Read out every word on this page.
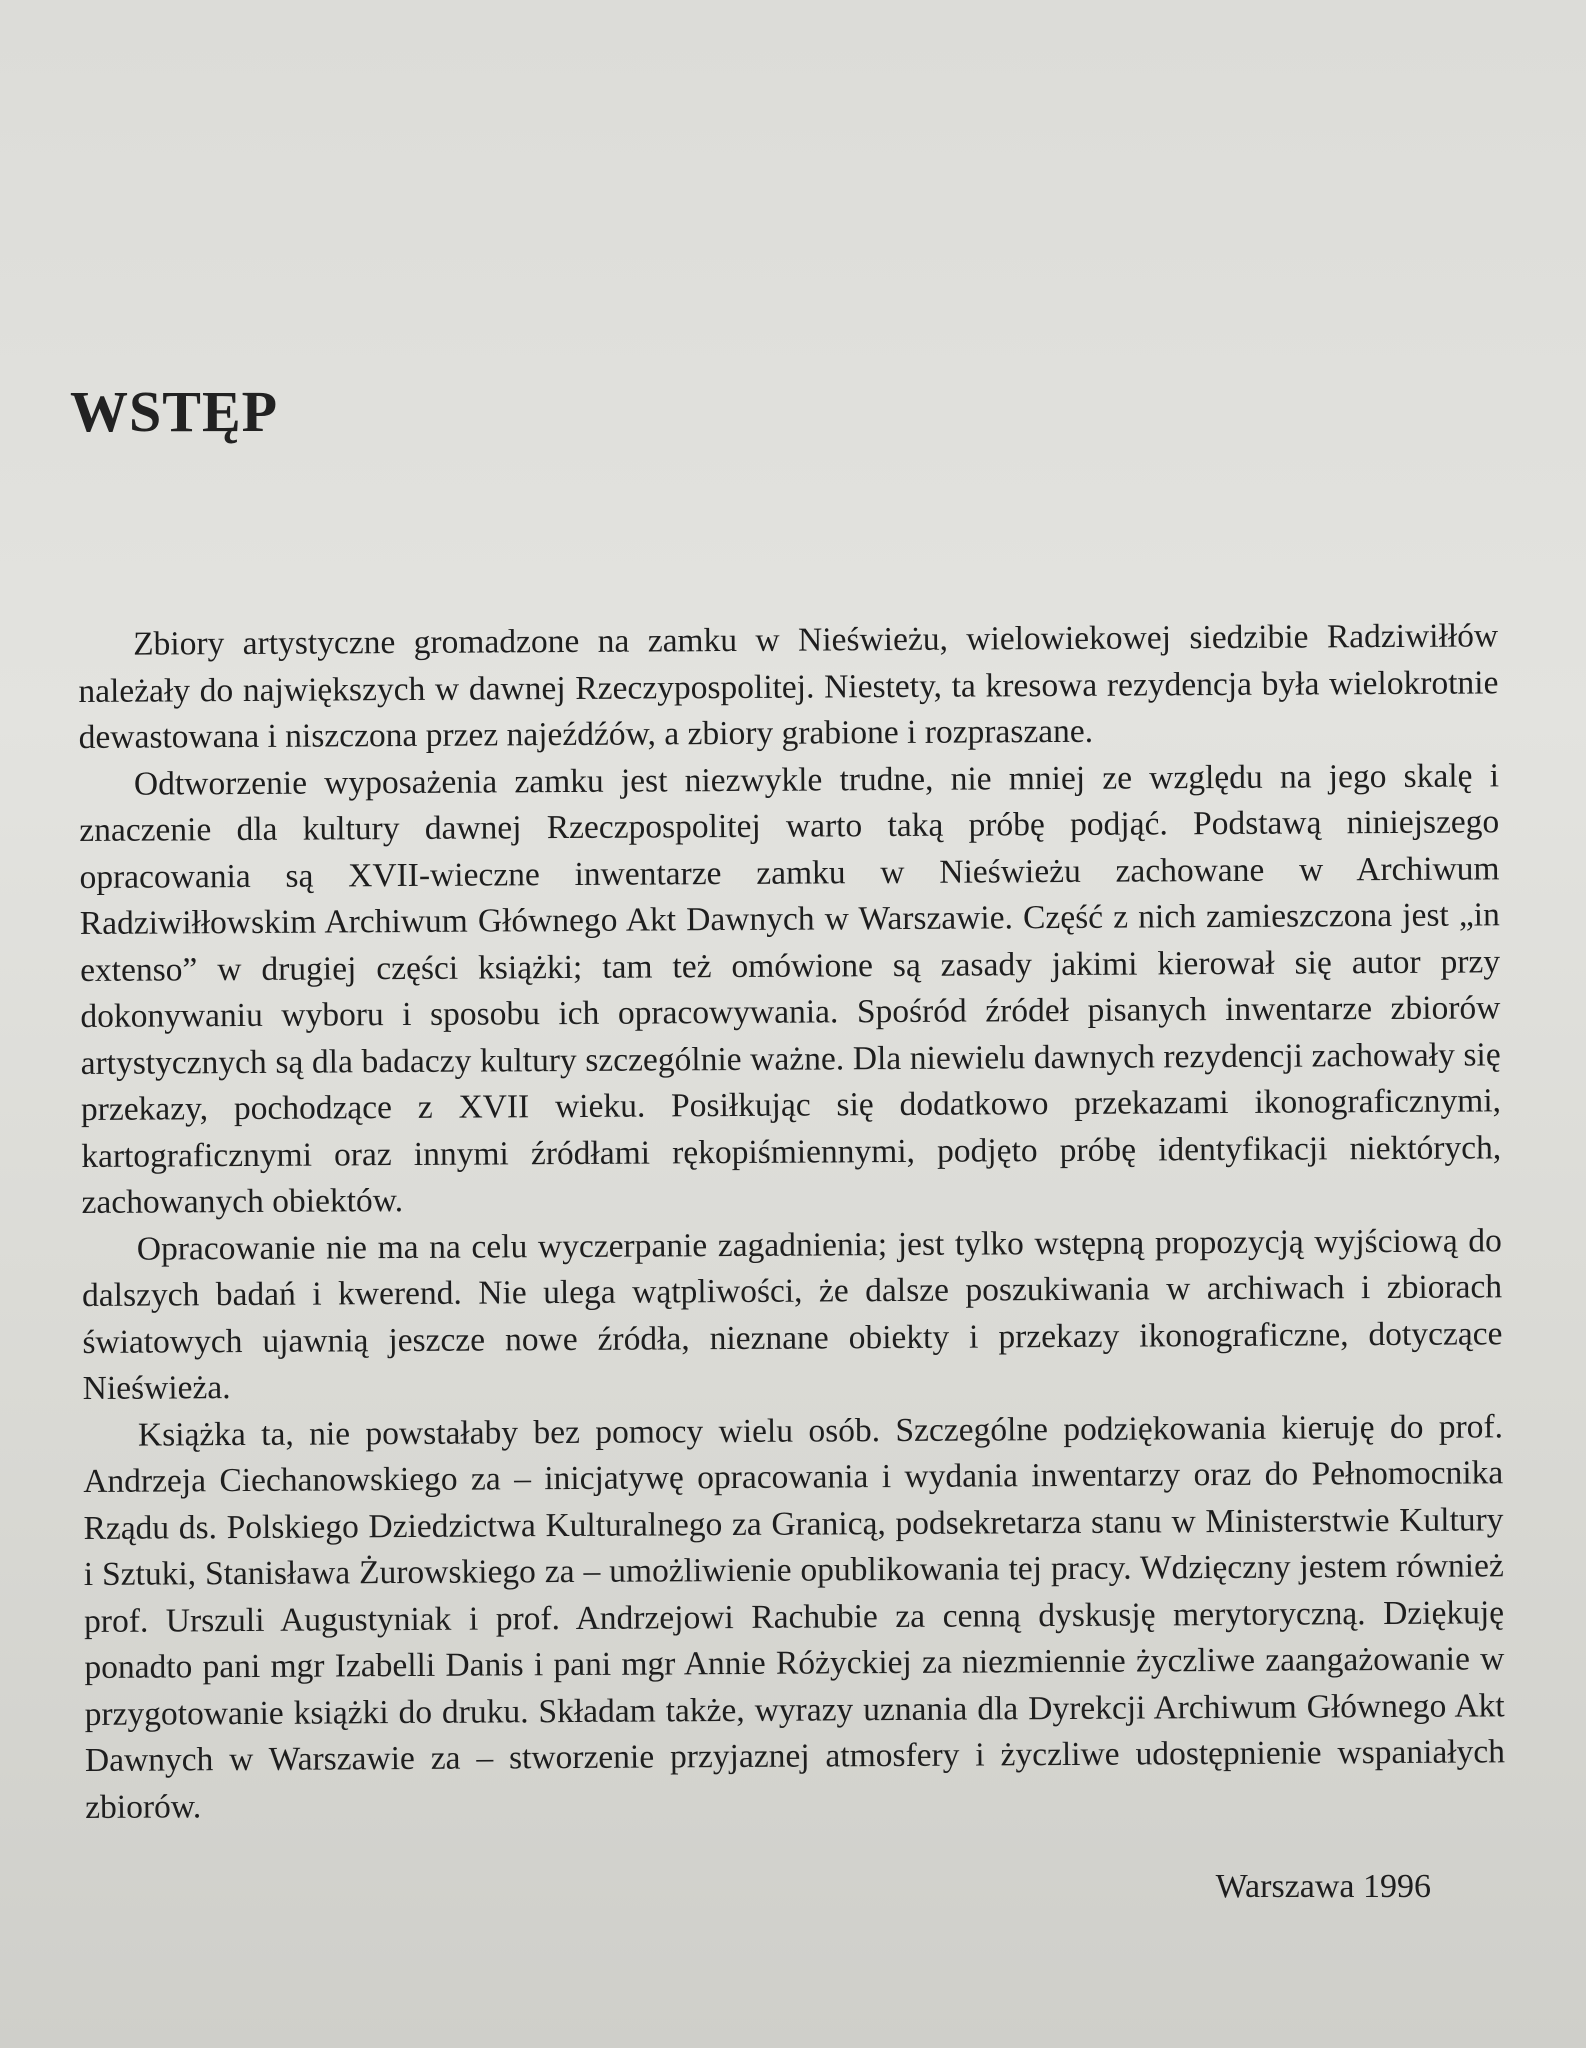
WSTĘP

Zbiory artystyczne gromadzone na zamku w Nieświeżu, wielowiekowej siedzibie Radziwiłłów należały do największych w dawnej Rzeczypospolitej. Niestety, ta kresowa rezydencja była wielokrotnie dewastowana i niszczona przez najeźdźów, a zbiory grabione i rozpraszane.

Odtworzenie wyposażenia zamku jest niezwykle trudne, nie mniej ze względu na jego skalę i znaczenie dla kultury dawnej Rzeczpospolitej warto taką próbę podjąć. Podstawą niniejszego opracowania są XVII-wieczne inwentarze zamku w Nieświeżu zachowane w Archiwum Radziwiłłowskim Archiwum Głównego Akt Dawnych w Warszawie. Część z nich zamieszczona jest „in extenso” w drugiej części książki; tam też omówione są zasady jakimi kierował się autor przy dokonywaniu wyboru i sposobu ich opracowywania. Spośród źródeł pisanych inwentarze zbiorów artystycznych są dla badaczy kultury szczególnie ważne. Dla niewielu dawnych rezydencji zachowały się przekazy, pochodzące z XVII wieku. Posiłkując się dodatkowo przekazami ikonograficznymi, kartograficznymi oraz innymi źródłami rękopiśmiennymi, podjęto próbę identyfikacji niektórych, zachowanych obiektów.

Opracowanie nie ma na celu wyczerpanie zagadnienia; jest tylko wstępną propozycją wyjściową do dalszych badań i kwerend. Nie ulega wątpliwości, że dalsze poszukiwania w archiwach i zbiorach światowych ujawnią jeszcze nowe źródła, nieznane obiekty i przekazy ikonograficzne, dotyczące Nieświeża.

Książka ta, nie powstałaby bez pomocy wielu osób. Szczególne podziękowania kieruję do prof. Andrzeja Ciechanowskiego za – inicjatywę opracowania i wydania inwentarzy oraz do Pełnomocnika Rządu ds. Polskiego Dziedzictwa Kulturalnego za Granicą, podsekretarza stanu w Ministerstwie Kultury i Sztuki, Stanisława Żurowskiego za – umożliwienie opublikowania tej pracy. Wdzięczny jestem również prof. Urszuli Augustyniak i prof. Andrzejowi Rachubie za cenną dyskusję merytoryczną. Dziękuję ponadto pani mgr Izabelli Danis i pani mgr Annie Różyckiej za niezmiennie życzliwe zaangażowanie w przygotowanie książki do druku. Składam także, wyrazy uznania dla Dyrekcji Archiwum Głównego Akt Dawnych w Warszawie za – stworzenie przyjaznej atmosfery i życzliwe udostępnienie wspaniałych zbiorów.

Warszawa 1996
